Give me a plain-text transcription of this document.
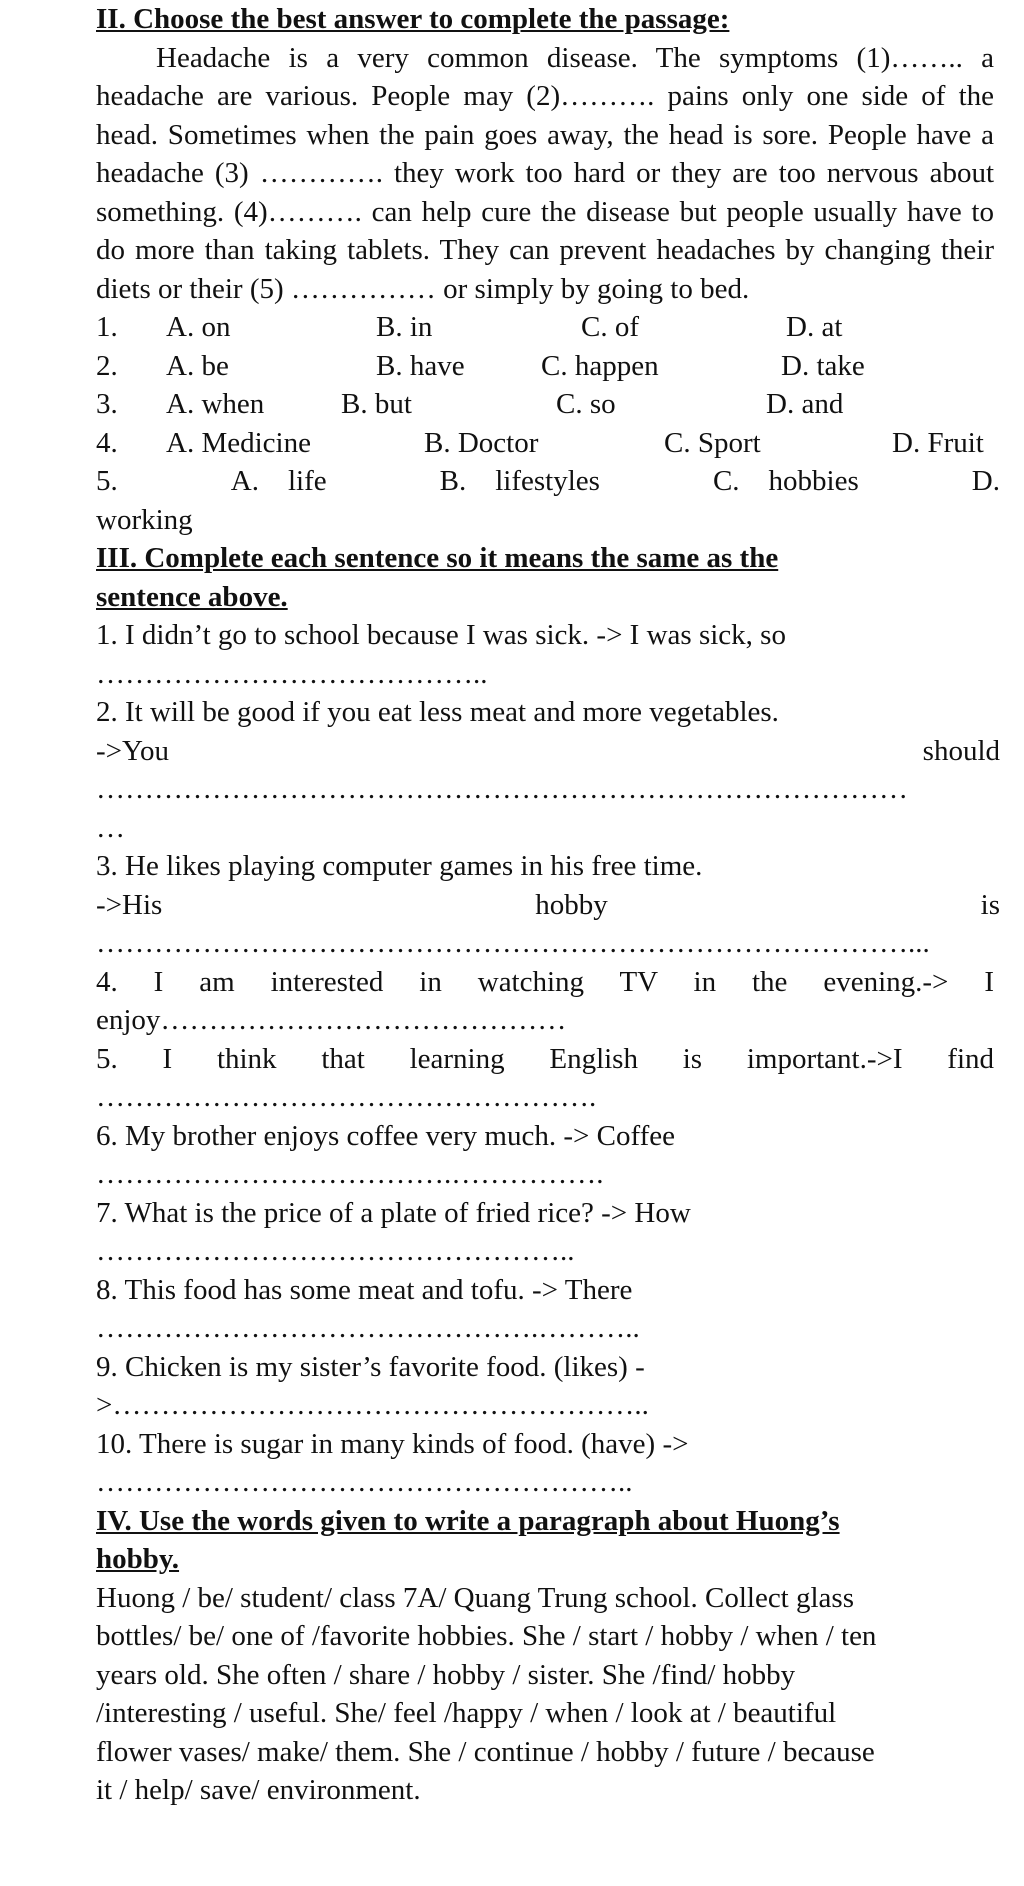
II. Choose the best answer to complete the passage:

Headache is a very common disease. The symptoms (1)…….. a headache are various. People may (2)………. pains only one side of the head. Sometimes when the pain goes away, the head is sore. People have a headache (3) …………. they work too hard or they are too nervous about something. (4)………. can help cure the disease but people usually have to do more than taking tablets. They can prevent headaches by changing their diets or their (5) …………… or simply by going to bed.

1.	A. on	B. in	C. of	D. at
2.	A. be	B. have	C. happen	D. take
3.	A. when	B. but	C. so	D. and
4.	A. Medicine	B. Doctor	C. Sport	D. Fruit
5.	A.    life	B.    lifestyles	C.    hobbies	D.

working

III. Complete each sentence so it means the same as the

sentence above.

1. I didn’t go to school because I was sick. -> I was sick, so

…………………………………..

2. It will be good if you eat less meat and more vegetables.

->You	should

…………………………………………………………………………

…

3. He likes playing computer games in his free time.

->His	hobby	is

…………………………………………………………………………...

4. I am interested in watching TV in the evening.-> I

enjoy……………………………………

5. I think that learning English is important.->I find

…………………………………………….

6. My brother enjoys coffee very much. -> Coffee

……………………………….…………….

7. What is the price of a plate of fried rice? -> How

…………………………………………..

8. This food has some meat and tofu. -> There

……………………………………….………..

9. Chicken is my sister’s favorite food. (likes) -

>………………………………………………..

10. There is sugar in many kinds of food. (have) ->

………………………………………………..

IV. Use the words given to write a paragraph about Huong’s

hobby.

Huong / be/ student/ class 7A/ Quang Trung school. Collect glass

bottles/ be/ one of /favorite hobbies. She / start / hobby / when / ten

years old. She often / share / hobby / sister. She /find/ hobby

/interesting / useful. She/ feel /happy / when / look at / beautiful

flower vases/ make/ them. She / continue / hobby / future / because

it / help/ save/ environment.
